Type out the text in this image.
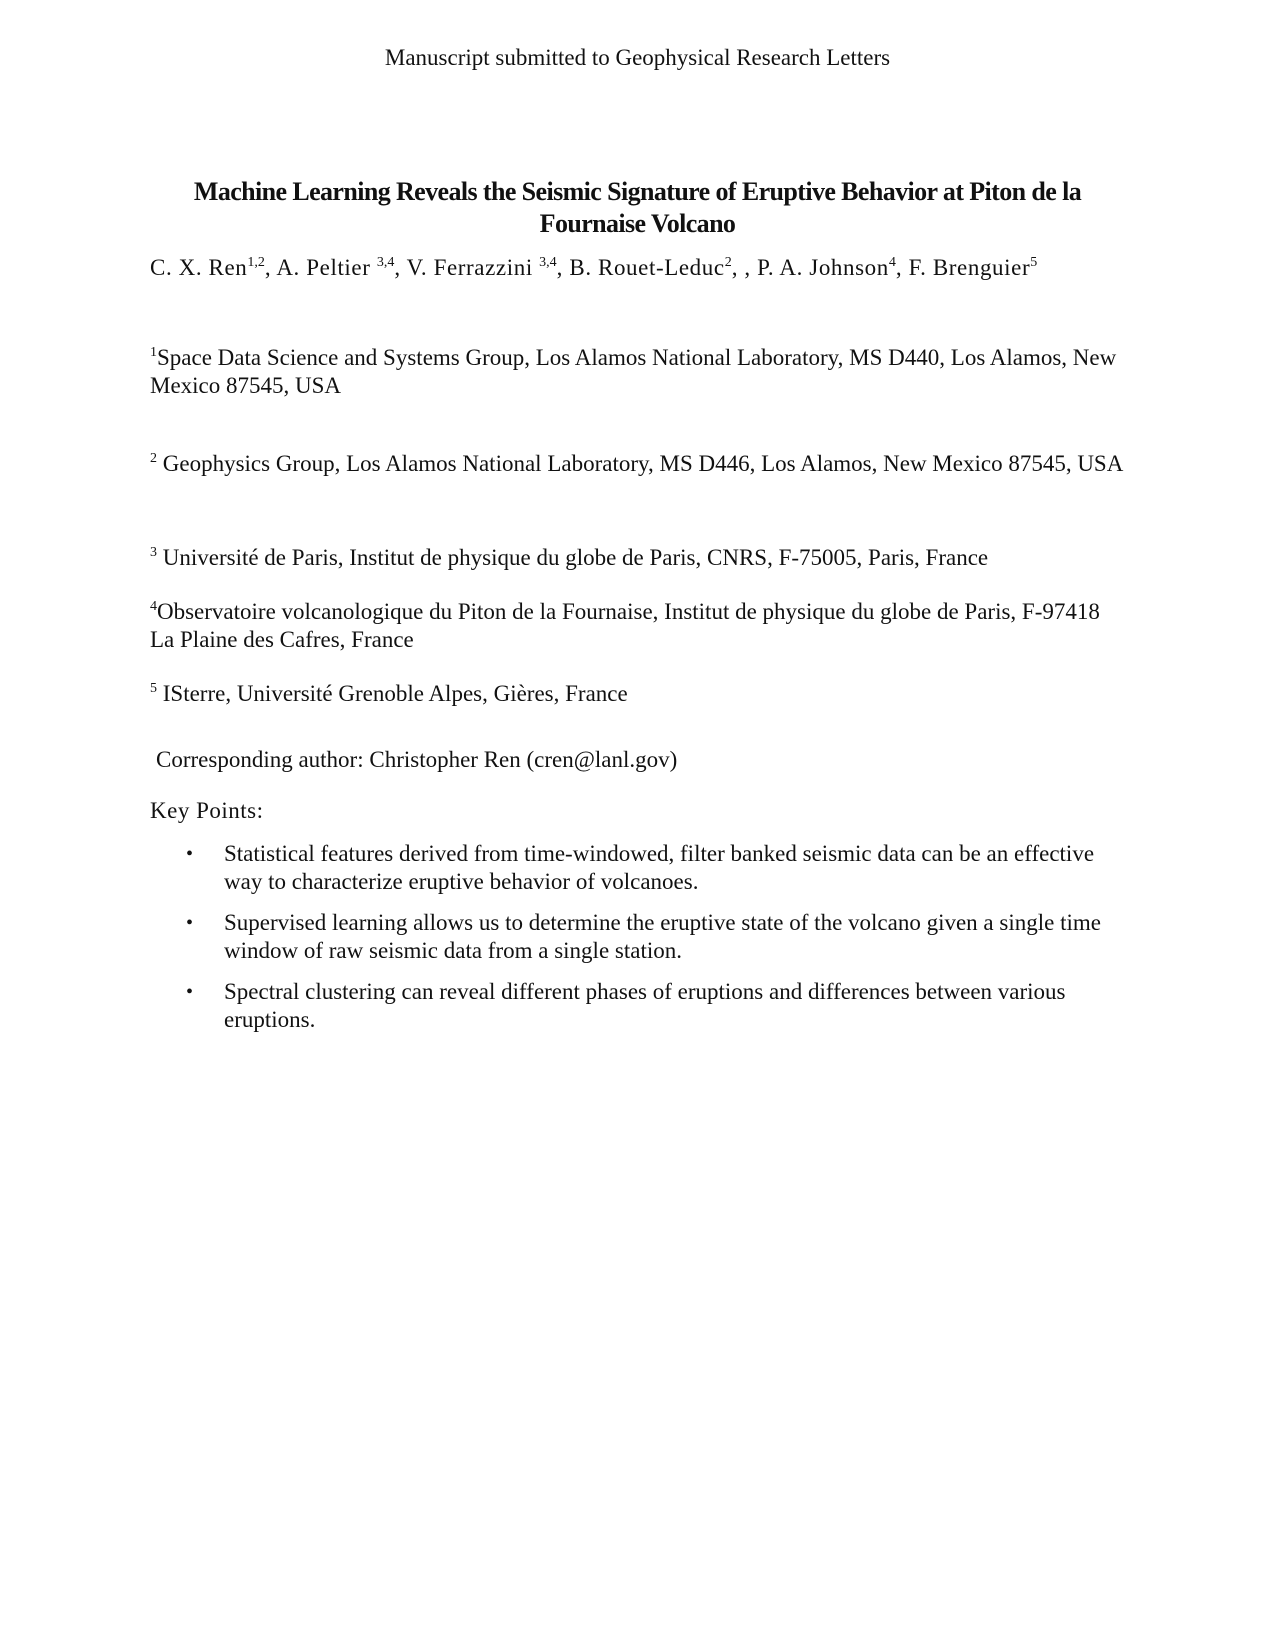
Manuscript submitted to Geophysical Research Letters
Machine Learning Reveals the Seismic Signature of Eruptive Behavior at Piton de la Fournaise Volcano
C. X. Ren$^{1,2}$, A. Peltier $^{3,4}$, V. Ferrazzini $^{3,4}$, B. Rouet-Leduc$^2$, , P. A. Johnson$^4$, F. Brenguier$^5$
$^1$Space Data Science and Systems Group, Los Alamos National Laboratory, MS D440, Los Alamos, New Mexico 87545, USA
$^2$ Geophysics Group, Los Alamos National Laboratory, MS D446, Los Alamos, New Mexico 87545, USA
$^3$ Université de Paris, Institut de physique du globe de Paris, CNRS, F-75005, Paris, France
$^4$Observatoire volcanologique du Piton de la Fournaise, Institut de physique du globe de Paris, F-97418 La Plaine des Cafres, France
$^5$ ISterre, Université Grenoble Alpes, Gières, France
Corresponding author: Christopher Ren (cren@lanl.gov)
Key Points:
• Statistical features derived from time-windowed, filter banked seismic data can be an effective way to characterize eruptive behavior of volcanoes.
• Supervised learning allows us to determine the eruptive state of the volcano given a single time window of raw seismic data from a single station.
• Spectral clustering can reveal different phases of eruptions and differences between various eruptions.
